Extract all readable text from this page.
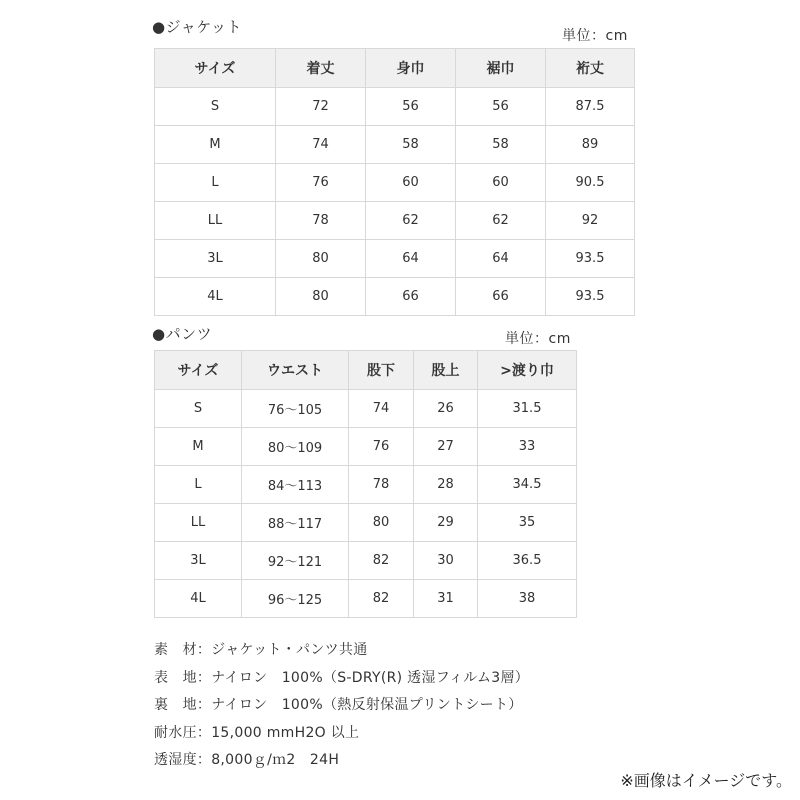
●ジャケット	単位：cm
サイズ	着丈	身巾	裾巾	裄丈
S	72	56	56	87.5
M	74	58	58	89
L	76	60	60	90.5
LL	78	62	62	92
3L	80	64	64	93.5
4L	80	66	66	93.5
●パンツ	単位：cm
サイズ	ウエスト	股下	股上	>渡り巾
S	76～105	74	26	31.5
M	80～109	76	27	33
L	84～113	78	28	34.5
LL	88～117	80	29	35
3L	92～121	82	30	36.5
4L	96～125	82	31	38
素　材：ジャケット・パンツ共通
表　地：ナイロン　100%（S-DRY(R) 透湿フィルム3層）
裏　地：ナイロン　100%（熱反射保温プリントシート）
耐水圧：15,000 mmH2O 以上
透湿度：8,000ｇ/ｍ2　24H
※画像はイメージです。
